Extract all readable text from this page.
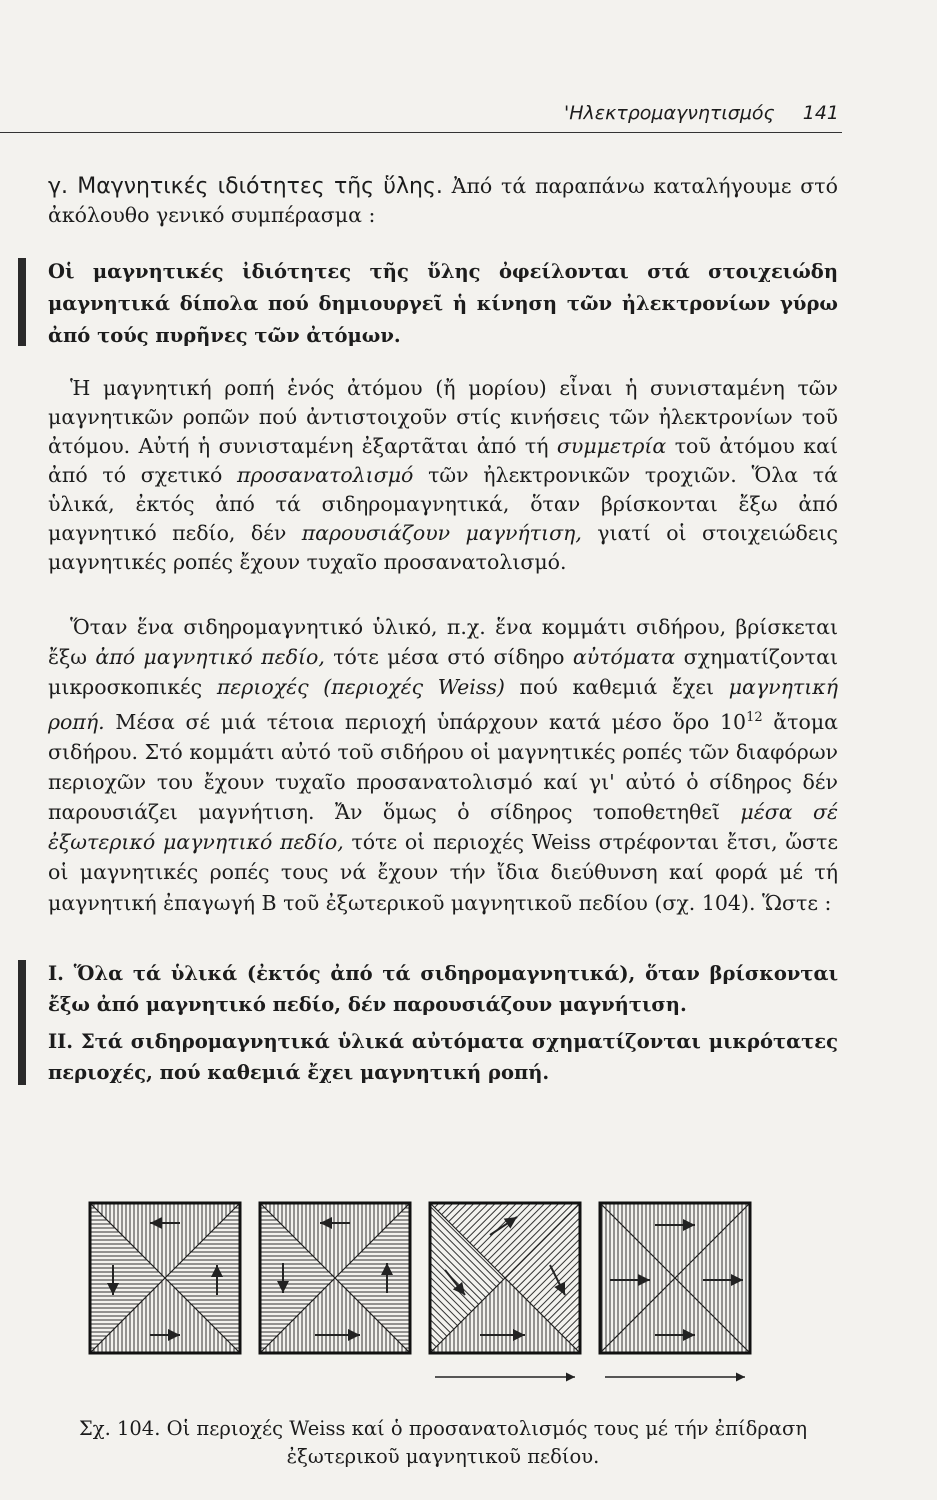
'Ηλεκτρομαγνητισμός 141

γ. Μαγνητικές ιδιότητες τῆς ὕλης. Ἀπό τά παραπάνω καταλήγουμε στό ἀκόλουθο γενικό συμπέρασμα :

Οἱ μαγνητικές ἰδιότητες τῆς ὕλης ὀφείλονται στά στοιχειώδη μαγνητικά δίπολα πού δημιουργεῖ ἡ κίνηση τῶν ἠλεκτρονίων γύρω ἀπό τούς πυρῆνες τῶν ἀτόμων.

Ἡ μαγνητική ροπή ἑνός ἀτόμου (ἤ μορίου) εἶναι ἡ συνισταμένη τῶν μαγνητικῶν ροπῶν πού ἀντιστοιχοῦν στίς κινήσεις τῶν ἠλεκτρονίων τοῦ ἀτόμου. Αὐτή ἡ συνισταμένη ἐξαρτᾶται ἀπό τή συμμετρία τοῦ ἀτόμου καί ἀπό τό σχετικό προσανατολισμό τῶν ἠλεκτρονικῶν τροχιῶν. Ὅλα τά ὑλικά, ἐκτός ἀπό τά σιδηρομαγνητικά, ὅταν βρίσκονται ἔξω ἀπό μαγνητικό πεδίο, δέν παρουσιάζουν μαγνήτιση, γιατί οἱ στοιχειώδεις μαγνητικές ροπές ἔχουν τυχαῖο προσανατολισμό.

Ὅταν ἕνα σιδηρομαγνητικό ὑλικό, π.χ. ἕνα κομμάτι σιδήρου, βρίσκεται ἔξω ἀπό μαγνητικό πεδίο, τότε μέσα στό σίδηρο αὐτόματα σχηματίζονται μικροσκοπικές περιοχές (περιοχές Weiss) πού καθεμιά ἔχει μαγνητική ροπή. Μέσα σέ μιά τέτοια περιοχή ὑπάρχουν κατά μέσο ὅρο $10^{12}$ ἄτομα σιδήρου. Στό κομμάτι αὐτό τοῦ σιδήρου οἱ μαγνητικές ροπές τῶν διαφόρων περιοχῶν του ἔχουν τυχαῖο προσανατολισμό καί γι' αὐτό ὁ σίδηρος δέν παρουσιάζει μαγνήτιση. Ἄν ὅμως ὁ σίδηρος τοποθετηθεῖ μέσα σέ ἐξωτερικό μαγνητικό πεδίο, τότε οἱ περιοχές Weiss στρέφονται ἔτσι, ὥστε οἱ μαγνητικές ροπές τους νά ἔχουν τήν ἴδια διεύθυνση καί φορά μέ τή μαγνητική ἐπαγωγή B τοῦ ἐξωτερικοῦ μαγνητικοῦ πεδίου (σχ. 104). Ὥστε :

I. Ὅλα τά ὑλικά (ἐκτός ἀπό τά σιδηρομαγνητικά), ὅταν βρίσκονται ἔξω ἀπό μαγνητικό πεδίο, δέν παρουσιάζουν μαγνήτιση.

II. Στά σιδηρομαγνητικά ὑλικά αὐτόματα σχηματίζονται μικρότατες περιοχές, πού καθεμιά ἔχει μαγνητική ροπή.

Σχ. 104. Οἱ περιοχές Weiss καί ὁ προσανατολισμός τους μέ τήν ἐπίδραση
ἐξωτερικοῦ μαγνητικοῦ πεδίου.
